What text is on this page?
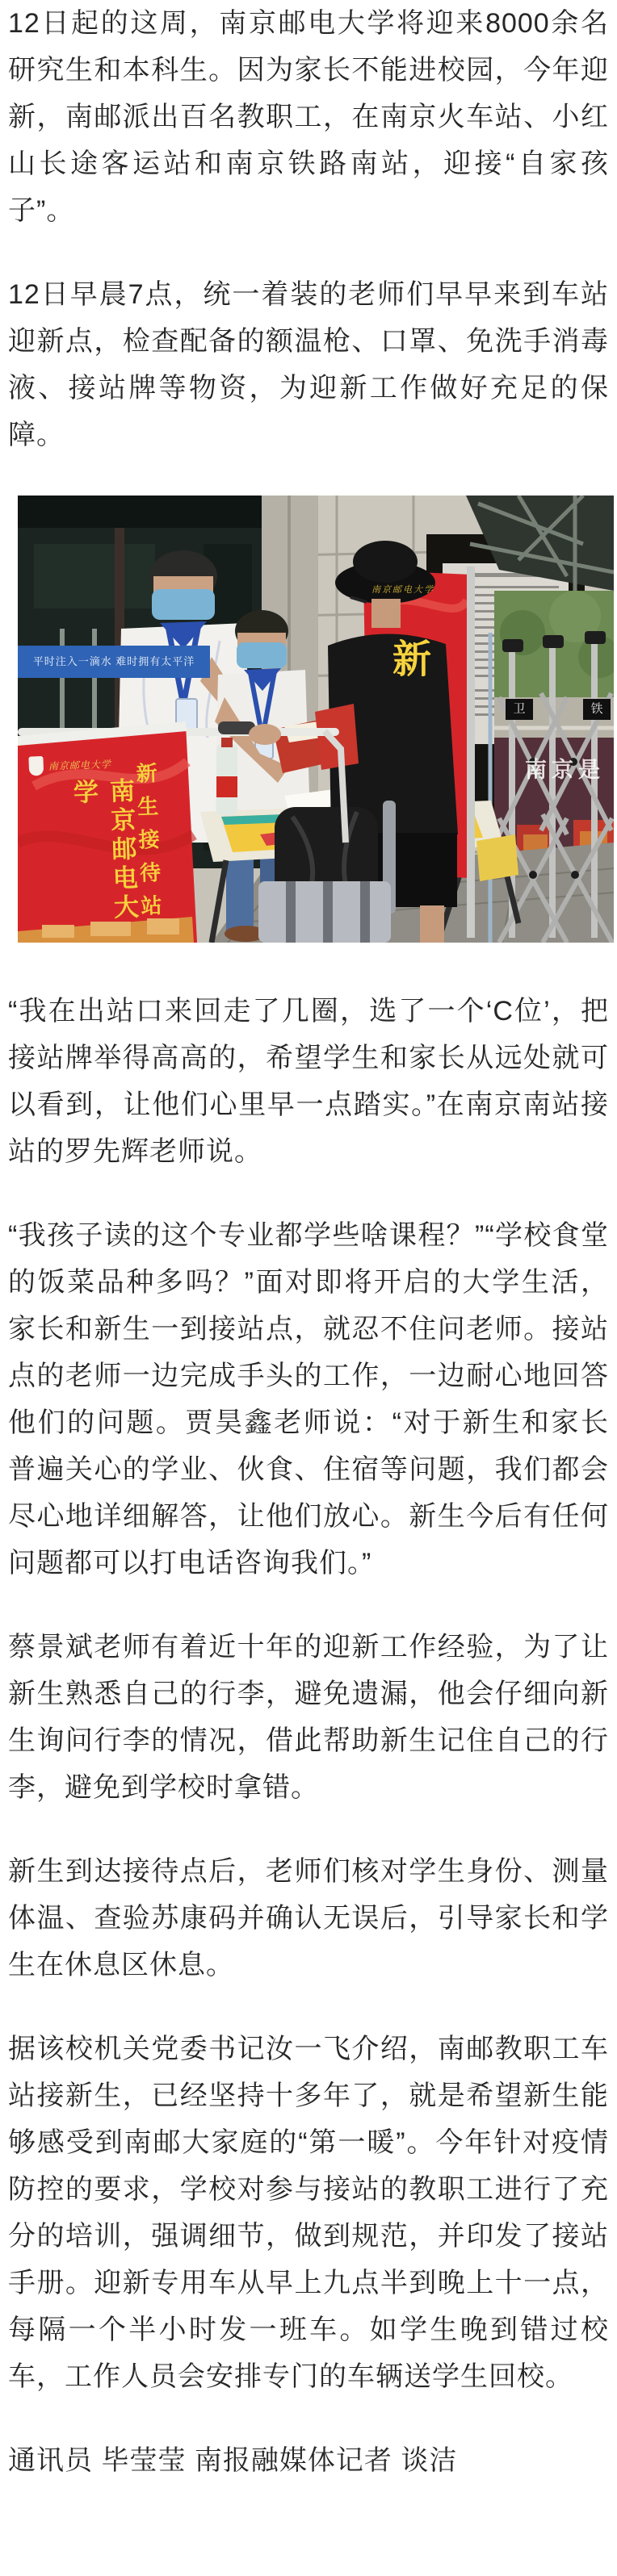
12日起的这周，南京邮电大学将迎来8000余名研究生和本科生。因为家长不能进校园，今年迎新，南邮派出百名教职工，在南京火车站、小红山长途客运站和南京铁路南站，迎接“自家孩子”。

12日早晨7点，统一着装的老师们早早来到车站迎新点，检查配备的额温枪、口罩、免洗手消毒液、接站牌等物资，为迎新工作做好充足的保障。

平时注入一滴水 难时拥有太平洋
卫	铁
南京是
南京邮电大学
新
南京邮电大学
南京邮电大学	新生接待站

“我在出站口来回走了几圈，选了一个‘C位’，把接站牌举得高高的，希望学生和家长从远处就可以看到，让他们心里早一点踏实。”在南京南站接站的罗先辉老师说。

“我孩子读的这个专业都学些啥课程？”“学校食堂的饭菜品种多吗？”面对即将开启的大学生活，家长和新生一到接站点，就忍不住问老师。接站点的老师一边完成手头的工作，一边耐心地回答他们的问题。贾昊鑫老师说：“对于新生和家长普遍关心的学业、伙食、住宿等问题，我们都会尽心地详细解答，让他们放心。新生今后有任何问题都可以打电话咨询我们。”

蔡景斌老师有着近十年的迎新工作经验，为了让新生熟悉自己的行李，避免遗漏，他会仔细向新生询问行李的情况，借此帮助新生记住自己的行李，避免到学校时拿错。

新生到达接待点后，老师们核对学生身份、测量体温、查验苏康码并确认无误后，引导家长和学生在休息区休息。

据该校机关党委书记汝一飞介绍，南邮教职工车站接新生，已经坚持十多年了，就是希望新生能够感受到南邮大家庭的“第一暖”。今年针对疫情防控的要求，学校对参与接站的教职工进行了充分的培训，强调细节，做到规范，并印发了接站手册。迎新专用车从早上九点半到晚上十一点，每隔一个半小时发一班车。如学生晚到错过校车，工作人员会安排专门的车辆送学生回校。

通讯员 毕莹莹 南报融媒体记者 谈洁
